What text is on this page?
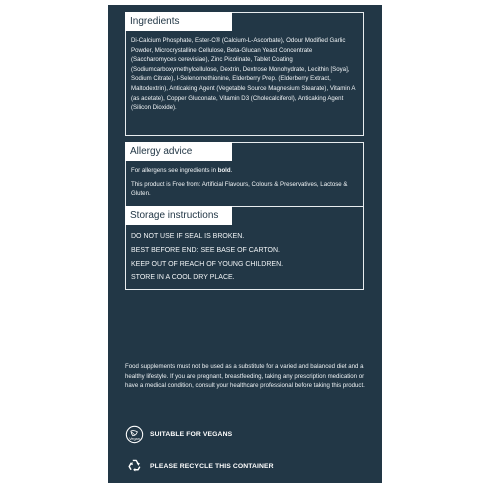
Ingredients
Di-Calcium Phosphate, Ester-C® (Calcium-L-Ascorbate), Odour Modified Garlic Powder, Microcrystalline Cellulose, Beta-Glucan Yeast Concentrate (Saccharomyces cerevisiae), Zinc Picolinate, Tablet Coating (Sodiumcarboxymethylcellulose, Dextrin, Dextrose Monohydrate, Lecithin [Soya], Sodium Citrate), l-Selenomethionine, Elderberry Prep. (Elderberry Extract, Maltodextrin), Anticaking Agent (Vegetable Source Magnesium Stearate), Vitamin A (as acetate), Copper Gluconate, Vitamin D3 (Cholecalciferol), Anticaking Agent (Silicon Dioxide).
Allergy advice

For allergens see ingredients in bold.

This product is Free from: Artificial Flavours, Colours & Preservatives, Lactose & Gluten.

Storage instructions
DO NOT USE IF SEAL IS BROKEN.
BEST BEFORE END: SEE BASE OF CARTON.
KEEP OUT OF REACH OF YOUNG CHILDREN.
STORE IN A COOL DRY PLACE.
Food supplements must not be used as a substitute for a varied and balanced diet and a healthy lifestyle. If you are pregnant, breastfeeding, taking any prescription medication or have a medical condition, consult your healthcare professional before taking this product.
Vegan
SUITABLE FOR VEGANS
PLEASE RECYCLE THIS CONTAINER
